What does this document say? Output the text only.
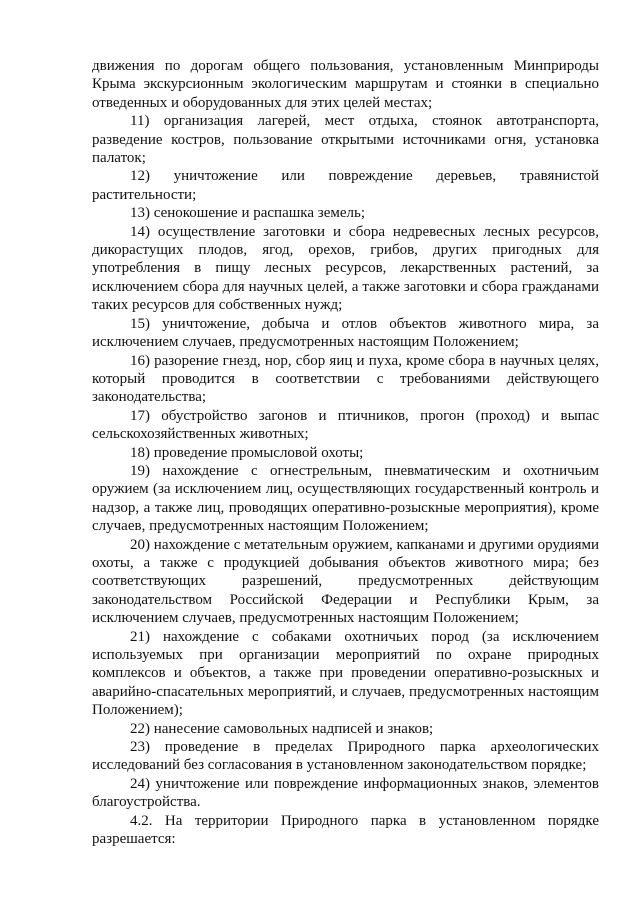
движения по дорогам общего пользования, установленным Минприроды Крыма экскурсионным экологическим маршрутам и стоянки в специально отведенных и оборудованных для этих целей местах;

11) организация лагерей, мест отдыха, стоянок автотранспорта, разведение костров, пользование открытыми источниками огня, установка палаток;

12) уничтожение или повреждение деревьев, травянистой растительности;

13) сенокошение и распашка земель;

14) осуществление заготовки и сбора недревесных лесных ресурсов, дикорастущих плодов, ягод, орехов, грибов, других пригодных для употребления в пищу лесных ресурсов, лекарственных растений, за исключением сбора для научных целей, а также заготовки и сбора гражданами таких ресурсов для собственных нужд;

15) уничтожение, добыча и отлов объектов животного мира, за исключением случаев, предусмотренных настоящим Положением;

16) разорение гнезд, нор, сбор яиц и пуха, кроме сбора в научных целях, который проводится в соответствии с требованиями действующего законодательства;

17) обустройство загонов и птичников, прогон (проход) и выпас сельскохозяйственных животных;

18) проведение промысловой охоты;

19) нахождение с огнестрельным, пневматическим и охотничьим оружием (за исключением лиц, осуществляющих государственный контроль и надзор, а также лиц, проводящих оперативно-розыскные мероприятия), кроме случаев, предусмотренных настоящим Положением;

20) нахождение с метательным оружием, капканами и другими орудиями охоты, а также с продукцией добывания объектов животного мира; без соответствующих разрешений, предусмотренных действующим законодательством Российской Федерации и Республики Крым, за исключением случаев, предусмотренных настоящим Положением;

21) нахождение с собаками охотничьих пород (за исключением используемых при организации мероприятий по охране природных комплексов и объектов, а также при проведении оперативно-розыскных и аварийно-спасательных мероприятий, и случаев, предусмотренных настоящим Положением);

22) нанесение самовольных надписей и знаков;

23) проведение в пределах Природного парка археологических исследований без согласования в установленном законодательством порядке;

24) уничтожение или повреждение информационных знаков, элементов благоустройства.

4.2. На территории Природного парка в установленном порядке разрешается:
